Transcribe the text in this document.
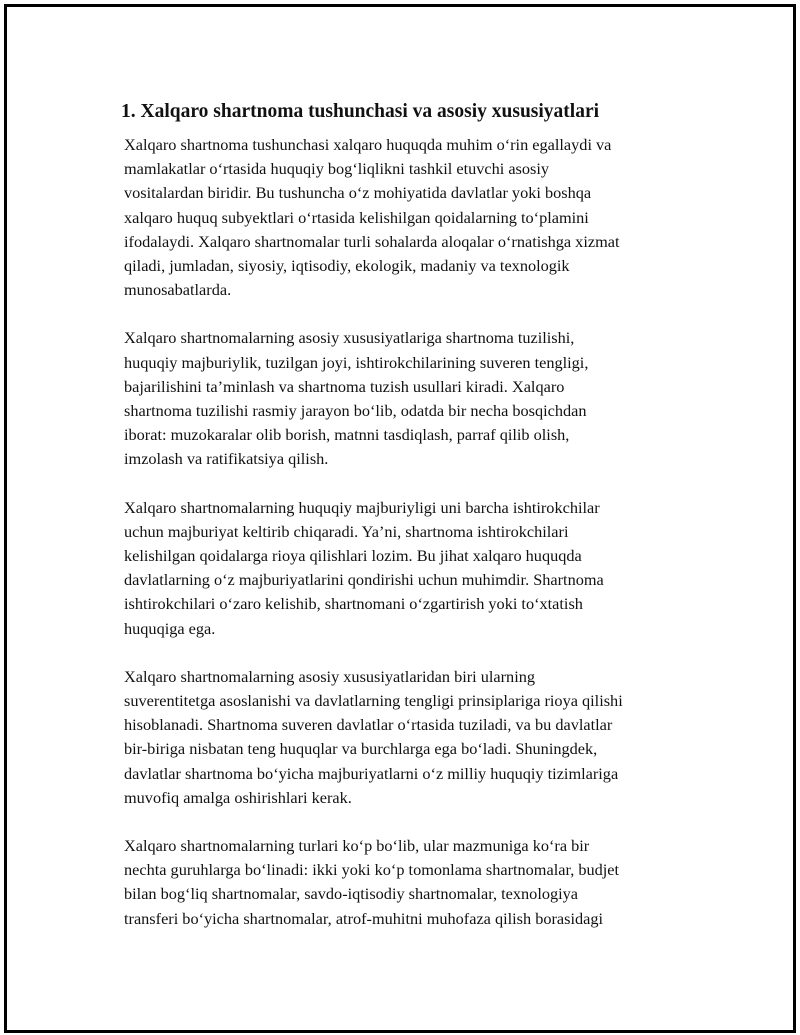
1. Xalqaro shartnoma tushunchasi va asosiy xususiyatlari

Xalqaro shartnoma tushunchasi xalqaro huquqda muhim oʻrin egallaydi va
mamlakatlar oʻrtasida huquqiy bogʻliqlikni tashkil etuvchi asosiy
vositalardan biridir. Bu tushuncha oʻz mohiyatida davlatlar yoki boshqa
xalqaro huquq subyektlari oʻrtasida kelishilgan qoidalarning toʻplamini
ifodalaydi. Xalqaro shartnomalar turli sohalarda aloqalar oʻrnatishga xizmat
qiladi, jumladan, siyosiy, iqtisodiy, ekologik, madaniy va texnologik
munosabatlarda.

Xalqaro shartnomalarning asosiy xususiyatlariga shartnoma tuzilishi,
huquqiy majburiylik, tuzilgan joyi, ishtirokchilarining suveren tengligi,
bajarilishini ta’minlash va shartnoma tuzish usullari kiradi. Xalqaro
shartnoma tuzilishi rasmiy jarayon boʻlib, odatda bir necha bosqichdan
iborat: muzokaralar olib borish, matnni tasdiqlash, parraf qilib olish,
imzolash va ratifikatsiya qilish.

Xalqaro shartnomalarning huquqiy majburiyligi uni barcha ishtirokchilar
uchun majburiyat keltirib chiqaradi. Ya’ni, shartnoma ishtirokchilari
kelishilgan qoidalarga rioya qilishlari lozim. Bu jihat xalqaro huquqda
davlatlarning oʻz majburiyatlarini qondirishi uchun muhimdir. Shartnoma
ishtirokchilari oʻzaro kelishib, shartnomani oʻzgartirish yoki toʻxtatish
huquqiga ega.

Xalqaro shartnomalarning asosiy xususiyatlaridan biri ularning
suverentitetga asoslanishi va davlatlarning tengligi prinsiplariga rioya qilishi
hisoblanadi. Shartnoma suveren davlatlar oʻrtasida tuziladi, va bu davlatlar
bir-biriga nisbatan teng huquqlar va burchlarga ega boʻladi. Shuningdek,
davlatlar shartnoma boʻyicha majburiyatlarni oʻz milliy huquqiy tizimlariga
muvofiq amalga oshirishlari kerak.

Xalqaro shartnomalarning turlari koʻp boʻlib, ular mazmuniga koʻra bir
nechta guruhlarga boʻlinadi: ikki yoki koʻp tomonlama shartnomalar, budjet
bilan bogʻliq shartnomalar, savdo-iqtisodiy shartnomalar, texnologiya
transferi boʻyicha shartnomalar, atrof-muhitni muhofaza qilish borasidagi
